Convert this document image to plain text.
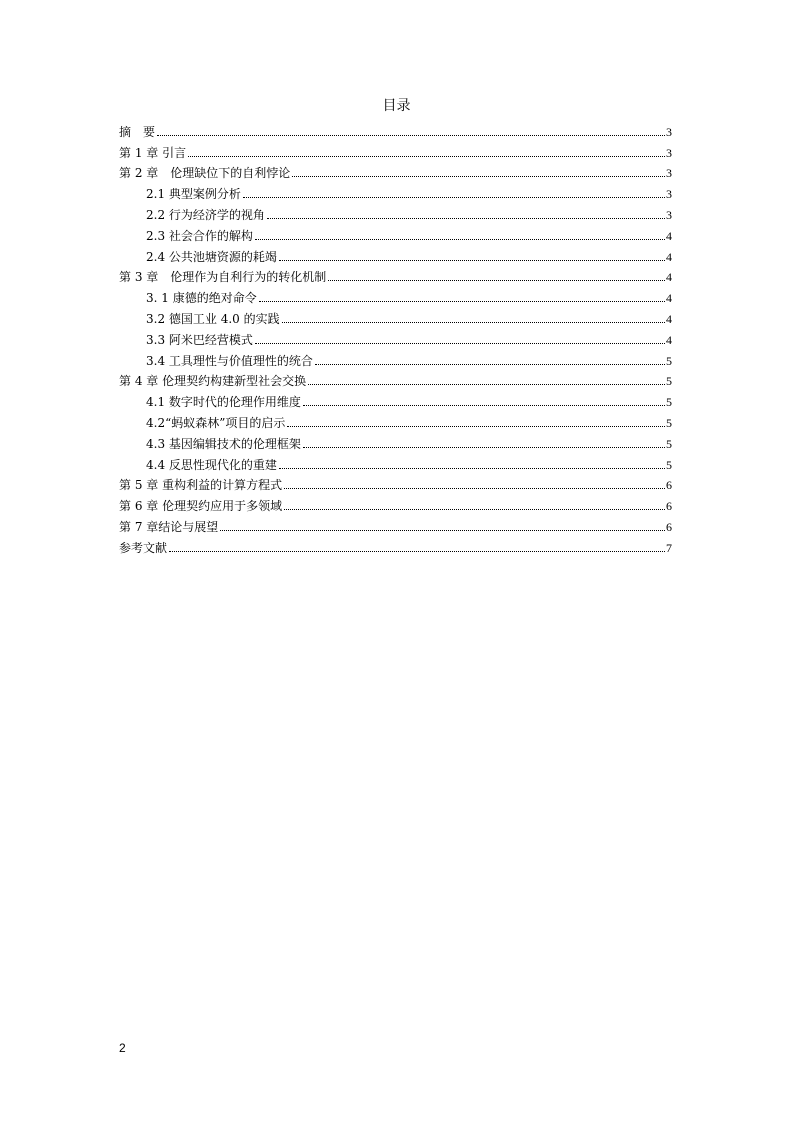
目录
摘　要	3
第 1 章 引言	3
第 2 章　伦理缺位下的自利悖论	3
2.1 典型案例分析	3
2.2 行为经济学的视角	3
2.3 社会合作的解构	4
2.4 公共池塘资源的耗竭	4
第 3 章　伦理作为自利行为的转化机制	4
3. 1 康德的绝对命令	4
3.2 德国工业 4.0 的实践	4
3.3 阿米巴经营模式	4
3.4 工具理性与价值理性的统合	5
第 4 章 伦理契约构建新型社会交换	5
4.1 数字时代的伦理作用维度	5
4.2“蚂蚁森林”项目的启示	5
4.3 基因编辑技术的伦理框架	5
4.4 反思性现代化的重建	5
第 5 章 重构利益的计算方程式	6
第 6 章 伦理契约应用于多领域	6
第 7 章结论与展望	6
参考文献	7
2
